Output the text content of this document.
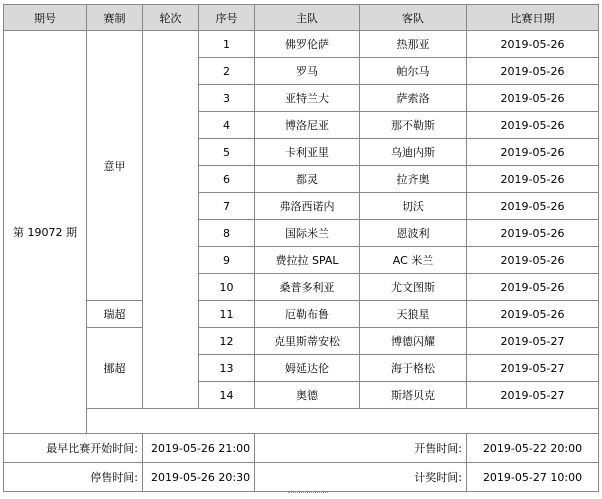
期号	赛制	轮次	序号	主队	客队	比赛日期
第 19072 期	意甲		1	佛罗伦萨	热那亚	2019-05-26
			2	罗马	帕尔马	2019-05-26
			3	亚特兰大	萨索洛	2019-05-26
			4	博洛尼亚	那不勒斯	2019-05-26
			5	卡利亚里	乌迪内斯	2019-05-26
			6	都灵	拉齐奥	2019-05-26
			7	弗洛西诺内	切沃	2019-05-26
			8	国际米兰	恩波利	2019-05-26
			9	费拉拉 SPAL	AC 米兰	2019-05-26
			10	桑普多利亚	尤文图斯	2019-05-26
	瑞超		11	厄勒布鲁	天狼星	2019-05-26
	挪超		12	克里斯蒂安松	博德闪耀	2019-05-27
			13	姆延达伦	海于格松	2019-05-27
			14	奥德	斯塔贝克	2019-05-27

最早比赛开始时间:		2019-05-26 21:00		开售时间:		2019-05-22 20:00
停售时间:		2019-05-26 20:30		计奖时间:		2019-05-27 10:00
